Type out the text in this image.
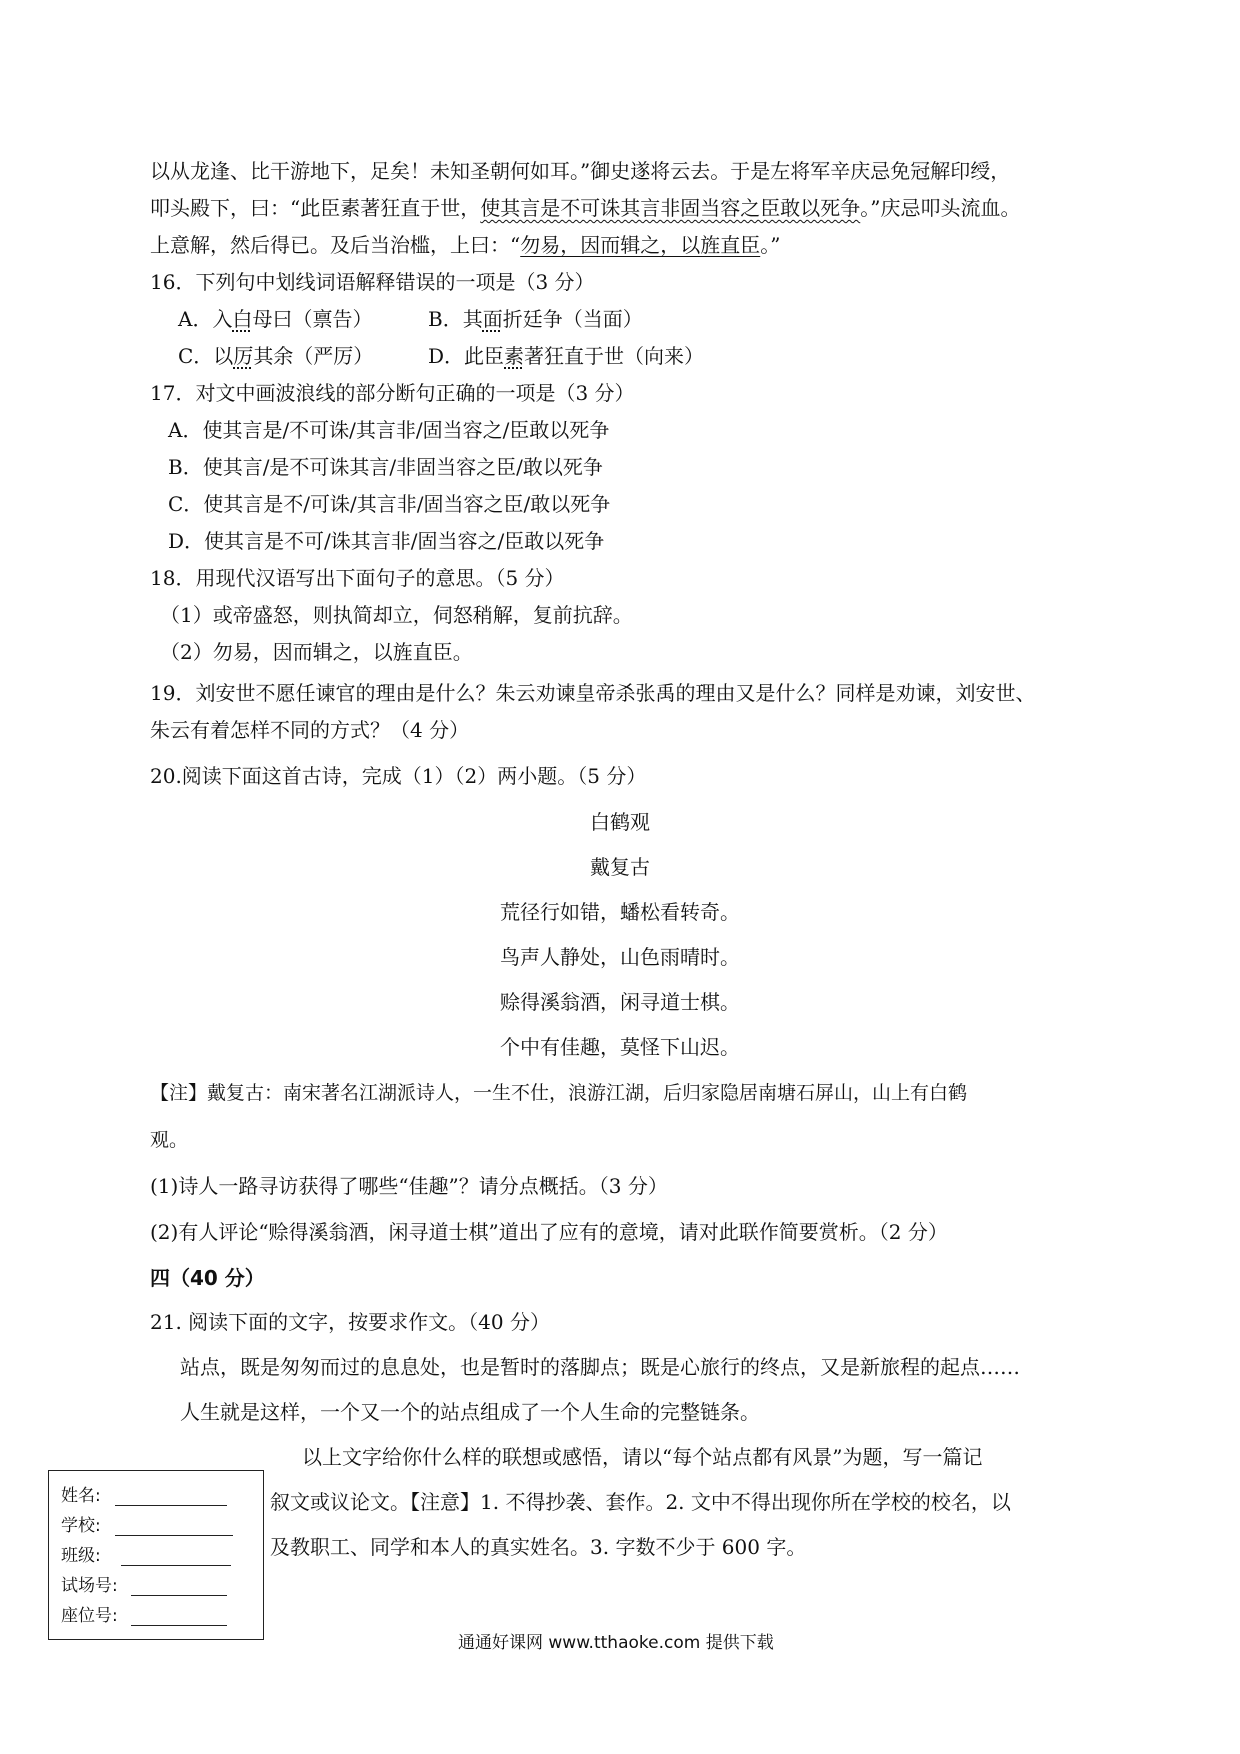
以从龙逢、比干游地下，足矣！未知圣朝何如耳。”御史遂将云去。于是左将军辛庆忌免冠解印绶，
叩头殿下，曰：“此臣素著狂直于世，使其言是不可诛其言非固当容之臣敢以死争。”庆忌叩头流血。
上意解，然后得已。及后当治槛，上曰：“勿易，因而辑之，以旌直臣。”
16．下列句中划线词语解释错误的一项是（3 分）
A．入白母曰（禀告）	B．其面折廷争（当面）
C．以厉其余（严厉）	D．此臣素著狂直于世（向来）
17．对文中画波浪线的部分断句正确的一项是（3 分）
A．使其言是/不可诛/其言非/固当容之/臣敢以死争
B．使其言/是不可诛其言/非固当容之臣/敢以死争
C．使其言是不/可诛/其言非/固当容之臣/敢以死争
D．使其言是不可/诛其言非/固当容之/臣敢以死争
18．用现代汉语写出下面句子的意思。（5 分）
（1）或帝盛怒，则执简却立，伺怒稍解，复前抗辞。
（2）勿易，因而辑之，以旌直臣。
19．刘安世不愿任谏官的理由是什么？朱云劝谏皇帝杀张禹的理由又是什么？同样是劝谏，刘安世、
朱云有着怎样不同的方式？（4 分）
20.阅读下面这首古诗，完成（1）（2）两小题。（5 分）
白鹤观
戴复古
荒径行如错，蟠松看转奇。
鸟声人静处，山色雨晴时。
赊得溪翁酒，闲寻道士棋。
个中有佳趣，莫怪下山迟。
【注】戴复古：南宋著名江湖派诗人，一生不仕，浪游江湖，后归家隐居南塘石屏山，山上有白鹤
观。
(1)诗人一路寻访获得了哪些“佳趣”？请分点概括。（3 分）
(2)有人评论“赊得溪翁酒，闲寻道士棋”道出了应有的意境，请对此联作简要赏析。（2 分）
四（40 分）
21. 阅读下面的文字，按要求作文。（40 分）
站点，既是匆匆而过的息息处，也是暂时的落脚点；既是心旅行的终点，又是新旅程的起点……
人生就是这样，一个又一个的站点组成了一个人生命的完整链条。
以上文字给你什么样的联想或感悟，请以“每个站点都有风景”为题，写一篇记
叙文或议论文。【注意】1. 不得抄袭、套作。2. 文中不得出现你所在学校的校名，以
及教职工、同学和本人的真实姓名。3. 字数不少于 600 字。
姓名:
学校:
班级:
试场号:
座位号:
通通好课网 www.tthaoke.com 提供下载
